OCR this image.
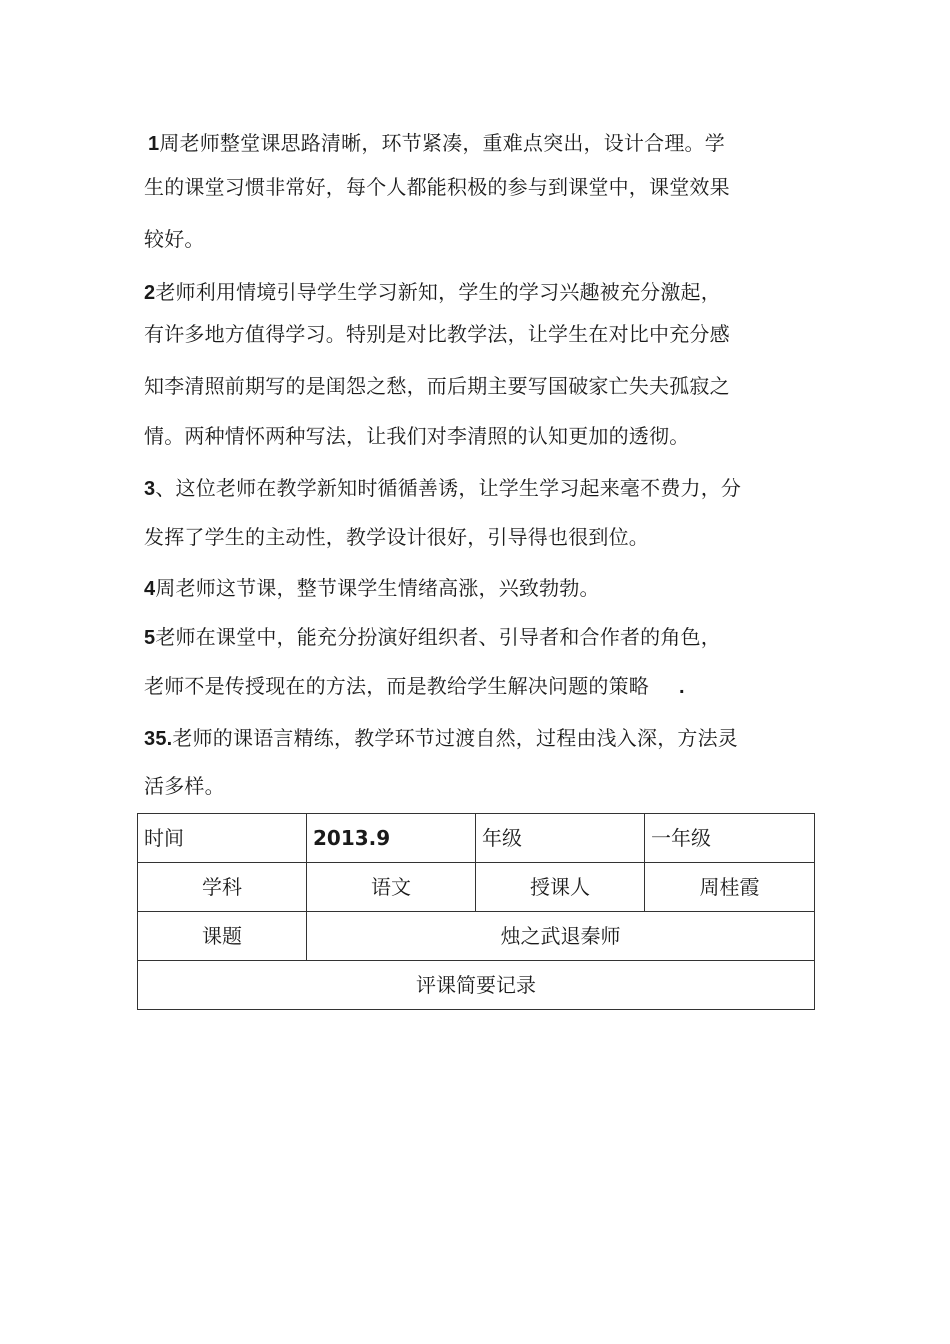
1周老师整堂课思路清晰，环节紧凑，重难点突出，设计合理。学
生的课堂习惯非常好，每个人都能积极的参与到课堂中，课堂效果
较好。
2老师利用情境引导学生学习新知，学生的学习兴趣被充分激起，
有许多地方值得学习。特别是对比教学法，让学生在对比中充分感
知李清照前期写的是闺怨之愁，而后期主要写国破家亡失夫孤寂之
情。两种情怀两种写法，让我们对李清照的认知更加的透彻。
3、这位老师在教学新知时循循善诱，让学生学习起来毫不费力，分
发挥了学生的主动性，教学设计很好，引导得也很到位。
4周老师这节课，整节课学生情绪高涨，兴致勃勃。
5老师在课堂中，能充分扮演好组织者、引导者和合作者的角色，
老师不是传授现在的方法，而是教给学生解决问题的策略 .
35.老师的课语言精练，教学环节过渡自然，过程由浅入深，方法灵
活多样。
时间	2013.9	年级	一年级
学科	语文	授课人	周桂霞
课题	烛之武退秦师		
评课简要记录			
